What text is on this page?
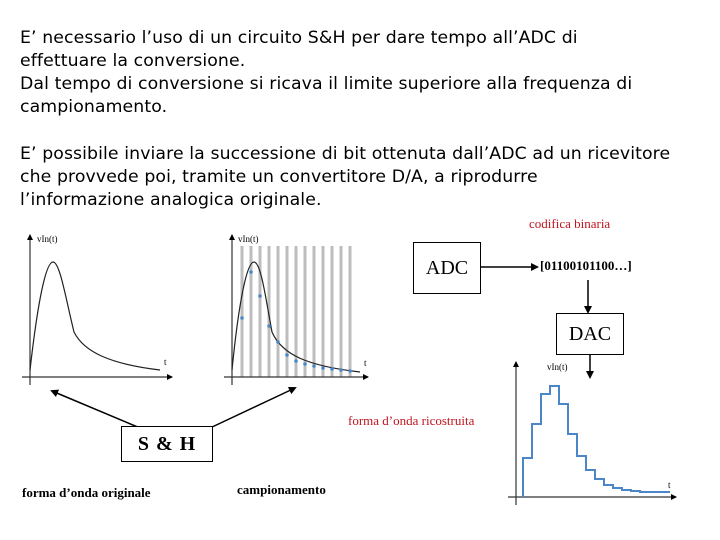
E’ necessario l’uso di un circuito S&H per dare tempo all’ADC di
effettuare la conversione.
Dal tempo di conversione si ricava il limite superiore alla frequenza di
campionamento.
E’ possibile inviare la successione di bit ottenuta dall’ADC ad un ricevitore
che provvede poi, tramite un convertitore D/A, a riprodurre
l’informazione analogica originale.
ADC
DAC
S & H
codifica binaria
[01100101100…]
forma d’onda ricostruita
forma d’onda originale	campionamento
vIn(t)
t
vIn(t)
t	vIn(t)
t
